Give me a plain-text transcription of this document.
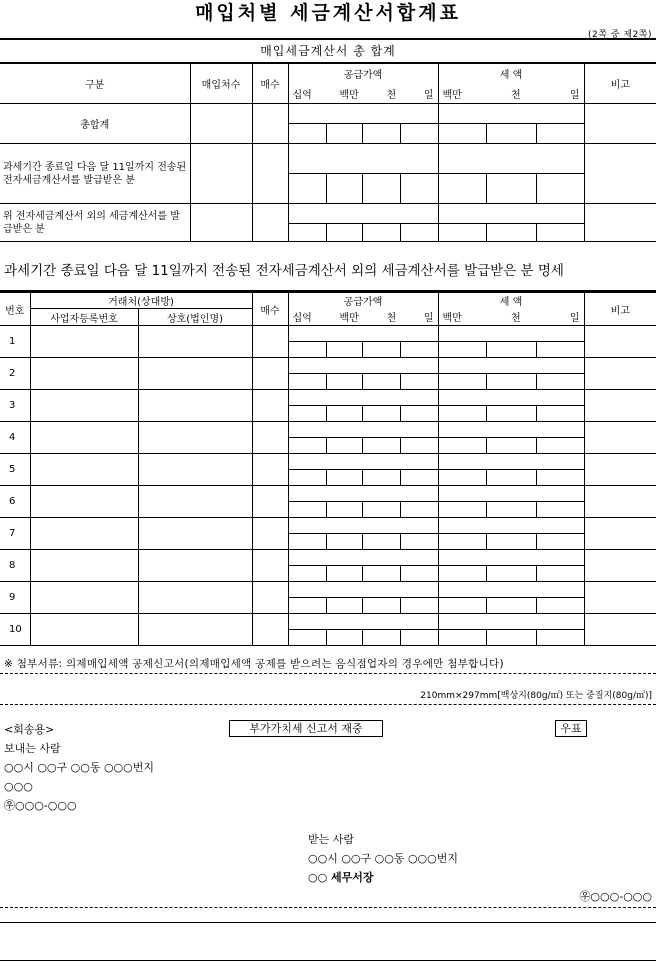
매입처별 세금계산서합계표
(2쪽 중 제2쪽)
매입세금계산서 총 합계
구분	매입처수	매수	공급가액				세 액			비고

			십억 백만 천 일				백만 천 일			

총합계										

과세기간 종료일 다음 달 11일까지 전송된 전자세금계산서를 발급받은 분										

위 전자세금계산서 외의 세금계산서를 발급받은 분										

과세기간 종료일 다음 달 11일까지 전송된 전자세금계산서 외의 세금계산서를 발급받은 분 명세
번호	거래처(상대방)		매수	공급가액				세 액			비고
	사업자등록번호	상호(법인명)		십억 백만 천 일				백만 천 일			

1											

2											

3											

4											

5											

6											

7											

8											

9											

10											

※ 첨부서류: 의제매입세액 공제신고서(의제매입세액 공제를 받으려는 음식점업자의 경우에만 첨부합니다)
210mm×297mm[백상지(80g/㎡) 또는 중질지(80g/㎡)]
<회송용>
보내는 사람
○○시 ○○구 ○○동 ○○○번지
○○○
㉾○○○-○○○
부가가치세 신고서 재중	우표
받는 사람
○○시 ○○구 ○○동 ○○○번지
○○ 세무서장
㉾○○○-○○○
